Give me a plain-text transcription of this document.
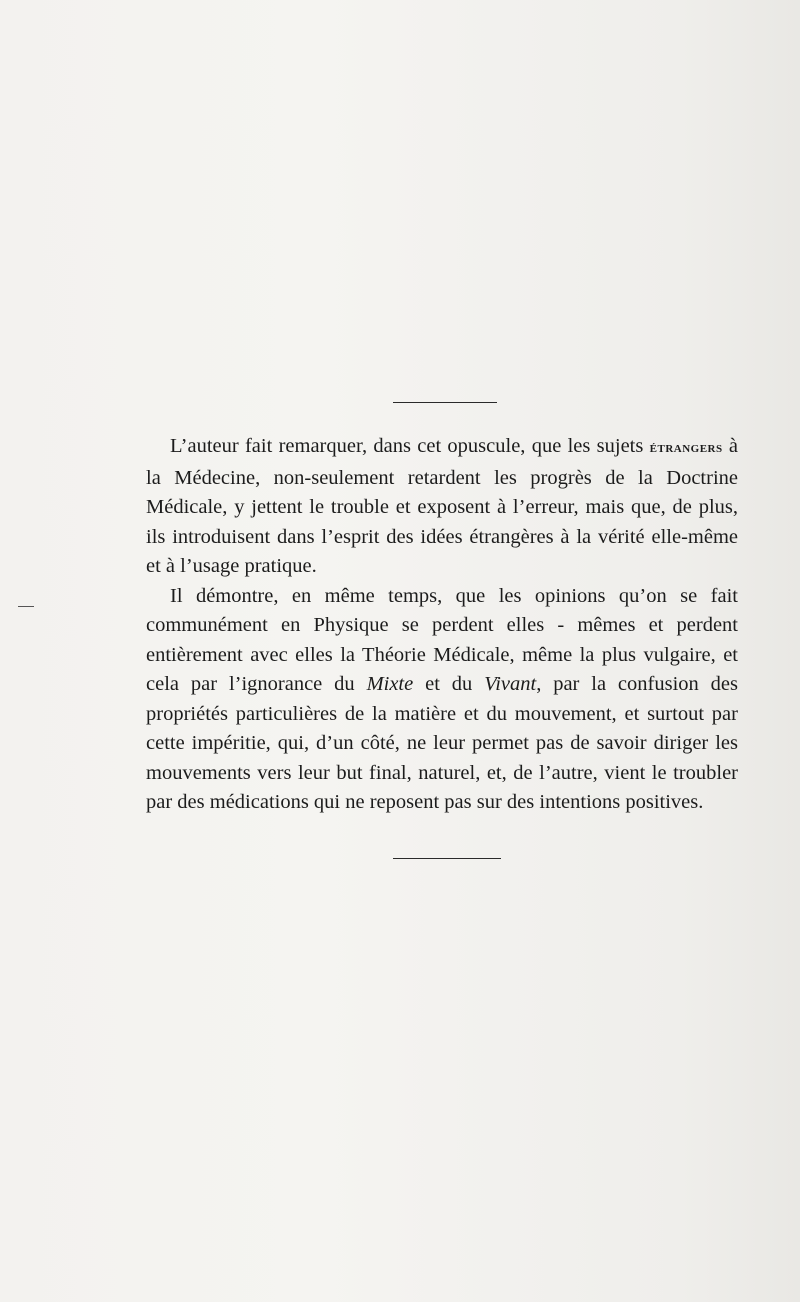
L’auteur fait remarquer, dans cet opuscule, que les sujets étrangers à la Médecine, non-seulement retardent les progrès de la Doctrine Médicale, y jettent le trouble et exposent à l’erreur, mais que, de plus, ils introduisent dans l’esprit des idées étrangères à la vérité elle-même et à l’usage pratique.

Il démontre, en même temps, que les opinions qu’on se fait communément en Physique se perdent elles - mêmes et perdent entièrement avec elles la Théorie Médicale, même la plus vulgaire, et cela par l’ignorance du Mixte et du Vivant, par la confusion des propriétés particulières de la matière et du mouvement, et surtout par cette impéritie, qui, d’un côté, ne leur permet pas de savoir diriger les mouvements vers leur but final, naturel, et, de l’autre, vient le troubler par des médications qui ne reposent pas sur des intentions positives.
